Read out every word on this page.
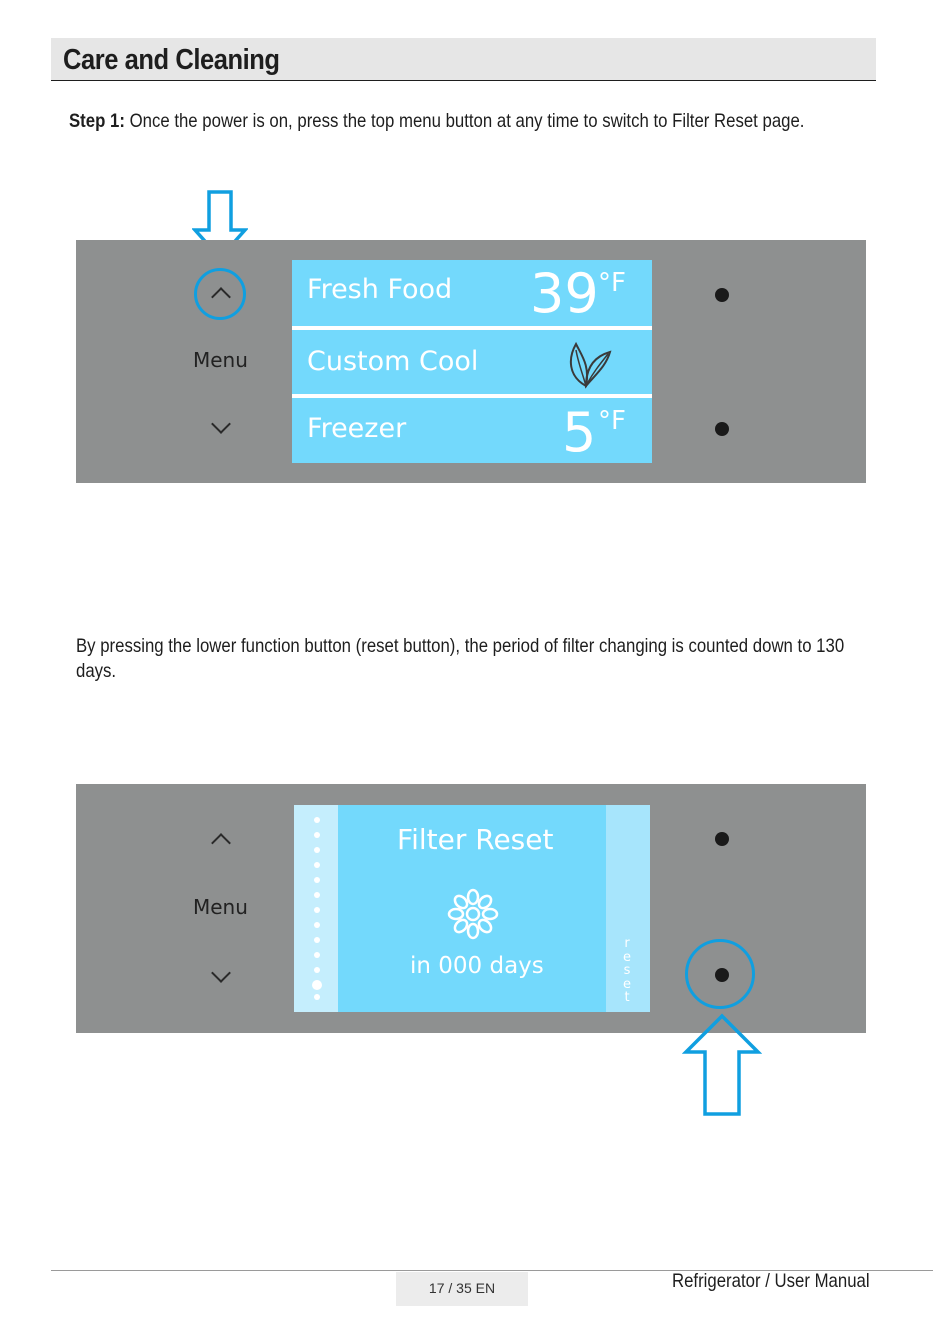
Care and Cleaning
Step 1: Once the power is on, press the top menu button at any time to switch to Filter Reset page.
Menu
Fresh Food 39 °F
Custom Cool
Freezer	5 °F
By pressing the lower function button (reset button), the period of filter changing is counted down to 130 days.
Menu
Filter Reset
in 000 days
reset
17 / 35 EN	Refrigerator / User Manual
